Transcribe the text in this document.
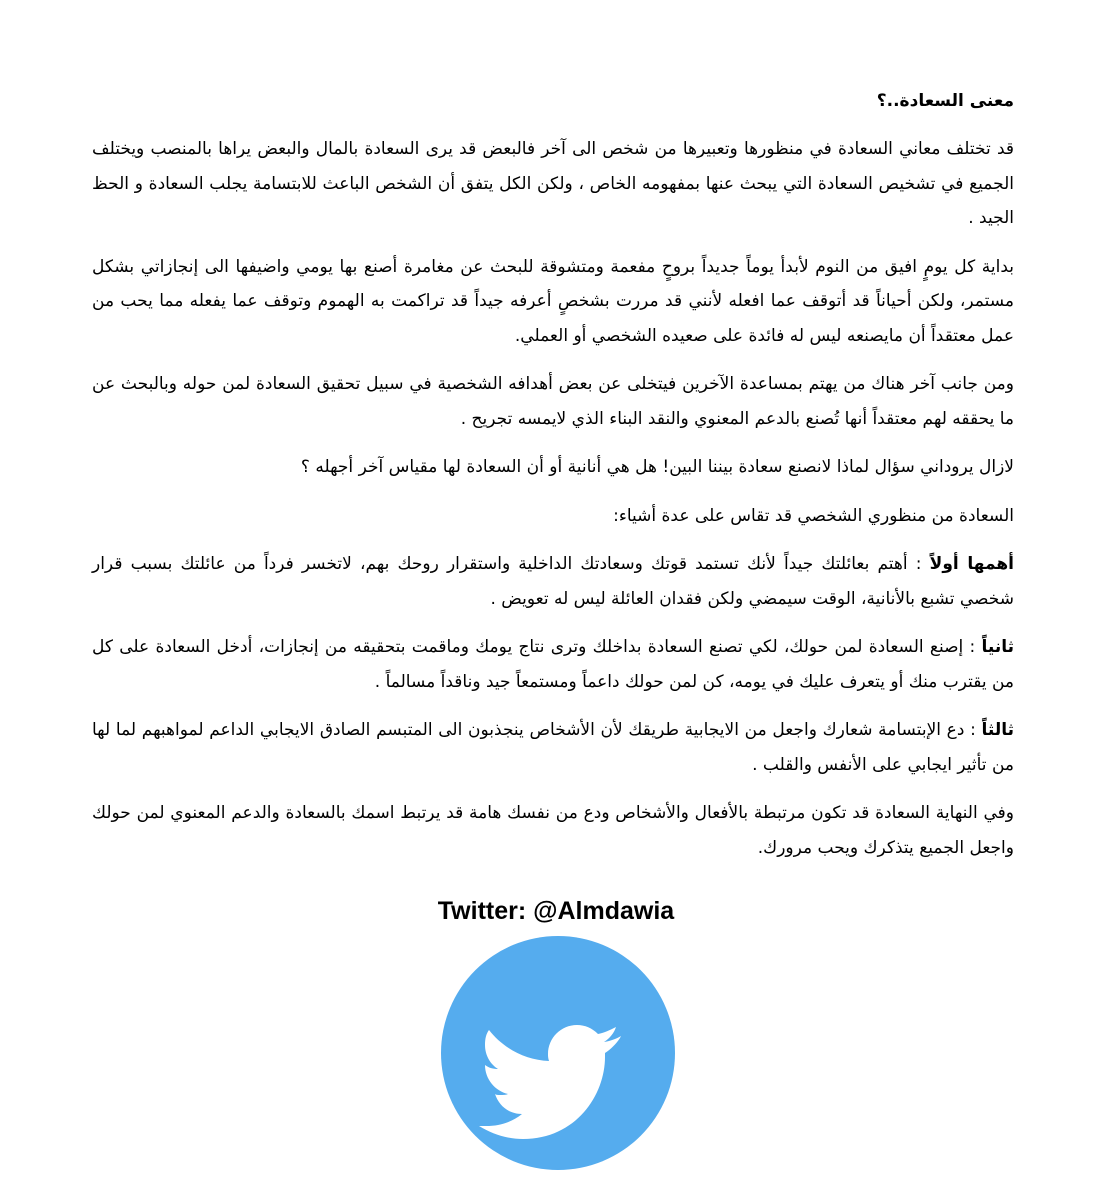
معنى السعادة..؟

قد تختلف معاني السعادة في منظورها وتعبيرها من شخص الى آخر فالبعض قد يرى السعادة بالمال والبعض يراها بالمنصب ويختلف الجميع في تشخيص السعادة التي يبحث عنها بمفهومه الخاص ، ولكن الكل يتفق أن الشخص الباعث للابتسامة يجلب السعادة و الحظ الجيد .

بداية كل يومٍ افيق من النوم لأبدأ يوماً جديداً بروحٍ مفعمة ومتشوقة للبحث عن مغامرة أصنع بها يومي واضيفها الى إنجازاتي بشكل مستمر، ولكن أحياناً قد أتوقف عما افعله لأنني قد مررت بشخصٍ أعرفه جيداً قد تراكمت به الهموم وتوقف عما يفعله مما يحب من عمل معتقداً أن مايصنعه ليس له فائدة على صعيده الشخصي أو العملي.

ومن جانب آخر هناك من يهتم بمساعدة الآخرين فيتخلى عن بعض أهدافه الشخصية في سبيل تحقيق السعادة لمن حوله وبالبحث عن ما يحققه لهم معتقداً أنها تُصنع بالدعم المعنوي والنقد البناء الذي لايمسه تجريح .

لازال يروداني سؤال لماذا لانصنع سعادة بيننا البين! هل هي أنانية أو أن السعادة لها مقياس آخر أجهله ؟

السعادة من منظوري الشخصي قد تقاس على عدة أشياء:

أهمها أولاً : أهتم بعائلتك جيداً لأنك تستمد قوتك وسعادتك الداخلية واستقرار روحك بهم، لاتخسر فرداً من عائلتك بسبب قرار شخصي تشبع بالأنانية، الوقت سيمضي ولكن فقدان العائلة ليس له تعويض .

ثانياً : إصنع السعادة لمن حولك، لكي تصنع السعادة بداخلك وترى نتاج يومك وماقمت بتحقيقه من إنجازات، أدخل السعادة على كل من يقترب منك أو يتعرف عليك في يومه، كن لمن حولك داعماً ومستمعاً جيد وناقداً مسالماً .

ثالثاً : دع الإبتسامة شعارك واجعل من الايجابية طريقك لأن الأشخاص ينجذبون الى المتبسم الصادق الايجابي الداعم لمواهبهم لما لها من تأثير ايجابي على الأنفس والقلب .

وفي النهاية السعادة قد تكون مرتبطة بالأفعال والأشخاص ودع من نفسك هامة قد يرتبط اسمك بالسعادة والدعم المعنوي لمن حولك واجعل الجميع يتذكرك ويحب مرورك.

Twitter: @Almdawia
